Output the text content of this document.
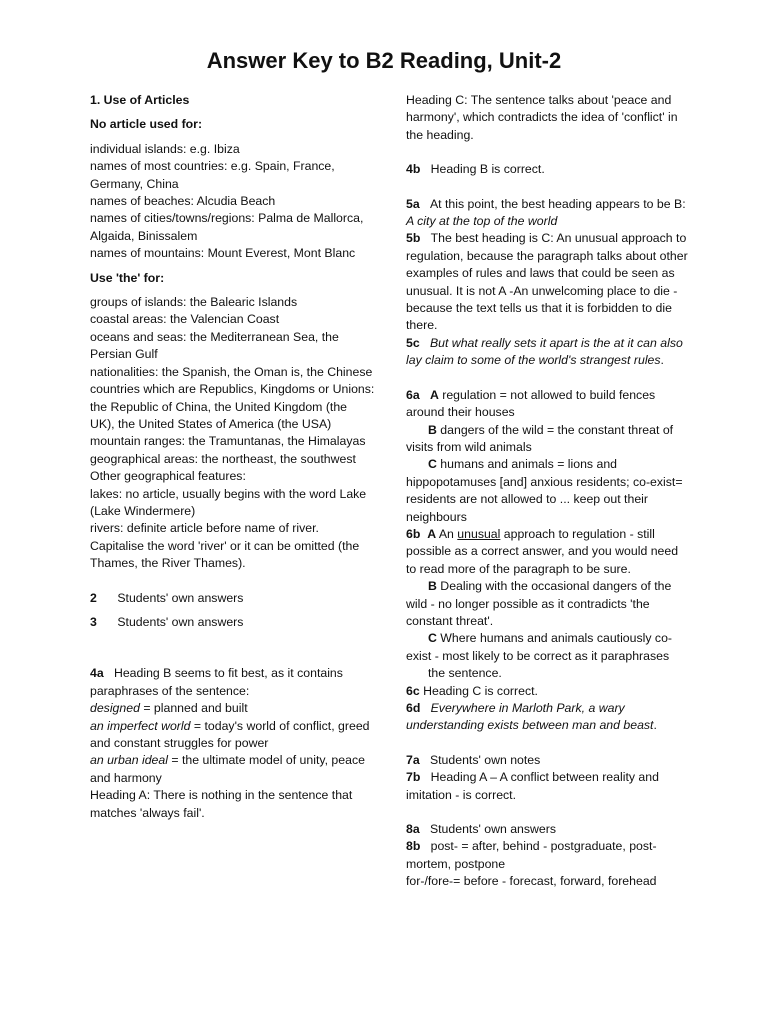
Answer Key to B2 Reading, Unit-2

1. Use of Articles

No article used for:

individual islands: e.g. Ibiza

names of most countries: e.g. Spain, France, Germany, China

names of beaches: Alcudia Beach

names of cities/towns/regions: Palma de Mallorca, Algaida, Binissalem

names of mountains: Mount Everest, Mont Blanc

Use 'the' for:

groups of islands: the Balearic Islands

coastal areas: the Valencian Coast

oceans and seas: the Mediterranean Sea, the Persian Gulf

nationalities: the Spanish, the Oman is, the Chinese

countries which are Republics, Kingdoms or Unions: the Republic of China, the United Kingdom (the UK), the United States of America (the USA)

mountain ranges: the Tramuntanas, the Himalayas

geographical areas: the northeast, the southwest

Other geographical features:

lakes: no article, usually begins with the word Lake (Lake Windermere)

rivers: definite article before name of river. Capitalise the word 'river' or it can be omitted (the Thames, the River Thames).

2 Students' own answers

3 Students' own answers

4a Heading B seems to fit best, as it contains paraphrases of the sentence:

designed = planned and built

an imperfect world = today's world of conflict, greed and constant struggles for power

an urban ideal = the ultimate model of unity, peace and harmony

Heading A: There is nothing in the sentence that matches 'always fail'.

Heading C: The sentence talks about 'peace and harmony', which contradicts the idea of 'conflict' in the heading.

4b Heading B is correct.

5a At this point, the best heading appears to be B: A city at the top of the world

5b The best heading is C: An unusual approach to regulation, because the paragraph talks about other examples of rules and laws that could be seen as unusual. It is not A -An unwelcoming place to die - because the text tells us that it is forbidden to die there.

5c But what really sets it apart is the at it can also lay claim to some of the world's strangest rules.

6a A regulation = not allowed to build fences around their houses

B dangers of the wild = the constant threat of visits from wild animals

C humans and animals = lions and hippopotamuses [and] anxious residents; co-exist= residents are not allowed to ... keep out their neighbours

6b A An unusual approach to regulation - still possible as a correct answer, and you would need to read more of the paragraph to be sure.

B Dealing with the occasional dangers of the wild - no longer possible as it contradicts 'the constant threat'.

C Where humans and animals cautiously co-exist - most likely to be correct as it paraphrases

the sentence.

6c Heading C is correct.

6d Everywhere in Marloth Park, a wary understanding exists between man and beast.

7a Students' own notes

7b Heading A – A conflict between reality and imitation - is correct.

8a Students' own answers

8b post- = after, behind - postgraduate, post-mortem, postpone

for-/fore-= before - forecast, forward, forehead
